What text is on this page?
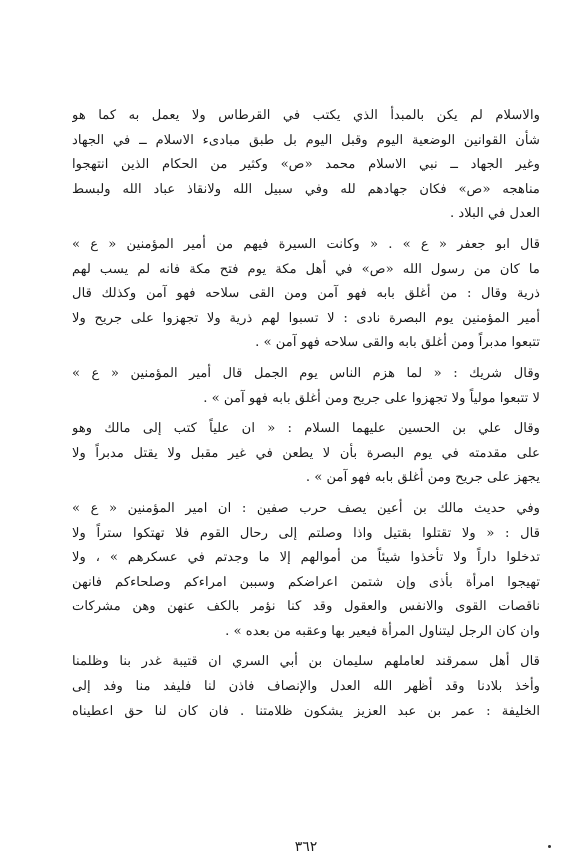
والاسلام لم يكن بالمبدأ الذي يكتب في القرطاس ولا يعمل به كما هو
شأن القوانين الوضعية اليوم وقبل اليوم بل طبق مبادىء الاسلام ــ في الجهاد
وغير الجهاد ــ نبي الاسلام محمد «ص» وكثير من الحكام الذين انتهجوا
مناهجه «ص» فكان جهادهم لله وفي سبيل الله ولانقاذ عباد الله ولبسط
العدل في البلاد .

قال ابو جعفر « ع » . « وكانت السيرة فيهم من أمير المؤمنين « ع »
ما كان من رسول الله «ص» في أهل مكة يوم فتح مكة فانه لم يسب لهم
ذرية وقال : من أغلق بابه فهو آمن ومن القى سلاحه فهو آمن وكذلك قال
أمير المؤمنين يوم البصرة نادى : لا تسبوا لهم ذرية ولا تجهزوا على جريح ولا
تتبعوا مدبراً ومن أغلق بابه والقى سلاحه فهو آمن » .

وقال شريك : « لما هزم الناس يوم الجمل قال أمير المؤمنين « ع »
لا تتبعوا مولياً ولا تجهزوا على جريح ومن أغلق بابه فهو آمن » .

وقال علي بن الحسين عليهما السلام : « ان علياً كتب إلى مالك وهو
على مقدمته في يوم البصرة بأن لا يطعن في غير مقبل ولا يقتل مدبراً ولا
يجهز على جريح ومن أغلق بابه فهو آمن » .

وفي حديث مالك بن أعين يصف حرب صفين : ان امير المؤمنين « ع »
قال : « ولا تقتلوا بقتيل واذا وصلتم إلى رحال القوم فلا تهتكوا ستراً ولا
تدخلوا داراً ولا تأخذوا شيئاً من أموالهم إلا ما وجدتم في عسكرهم » ، ولا
تهيجوا امرأة بأذى وإن شتمن اعراضكم وسببن امراءكم وصلحاءكم فانهن
ناقصات القوى والانفس والعقول وقد كنا نؤمر بالكف عنهن وهن مشركات
وان كان الرجل ليتناول المرأة فيعير بها وعقبه من بعده » .

قال أهل سمرقند لعاملهم سليمان بن أبي السري ان قتيبة غدر بنا وظلمنا
وأخذ بلادنا وقد أظهر الله العدل والإنصاف فاذن لنا فليفد منا وفد إلى
الخليفة : عمر بن عبد العزيز يشكون ظلامتنا . فان كان لنا حق اعطيناه

٣٦٢
